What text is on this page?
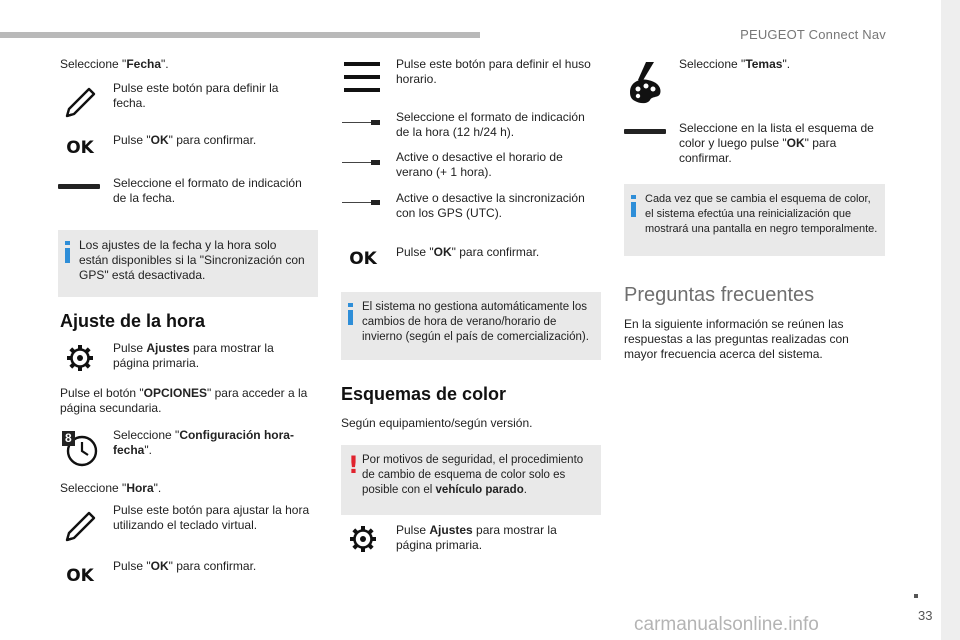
PEUGEOT Connect Nav
33
carmanualsonline.info
Seleccione "Fecha".
Pulse este botón para definir la fecha.
OK	Pulse "OK" para confirmar.
Seleccione el formato de indicación de la fecha.
Los ajustes de la fecha y la hora solo están disponibles si la "Sincronización con GPS" está desactivada.
Ajuste de la hora
Pulse Ajustes para mostrar la página primaria.
Pulse el botón "OPCIONES" para acceder a la página secundaria.
8	Seleccione "Configuración hora-fecha".
Seleccione "Hora".
Pulse este botón para ajustar la hora utilizando el teclado virtual.
OK	Pulse "OK" para confirmar.
Pulse este botón para definir el huso horario.
Seleccione el formato de indicación de la hora (12 h/24 h).
Active o desactive el horario de verano (+ 1 hora).
Active o desactive la sincronización con los GPS (UTC).
OK	Pulse "OK" para confirmar.
El sistema no gestiona automáticamente los cambios de hora de verano/horario de invierno (según el país de comercialización).
Esquemas de color
Según equipamiento/según versión.
! Por motivos de seguridad, el procedimiento de cambio de esquema de color solo es posible con el vehículo parado.
Pulse Ajustes para mostrar la página primaria.
Seleccione "Temas".
Seleccione en la lista el esquema de color y luego pulse "OK" para confirmar.
Cada vez que se cambia el esquema de color, el sistema efectúa una reinicialización que mostrará una pantalla en negro temporalmente.
Preguntas frecuentes
En la siguiente información se reúnen las respuestas a las preguntas realizadas con mayor frecuencia acerca del sistema.
